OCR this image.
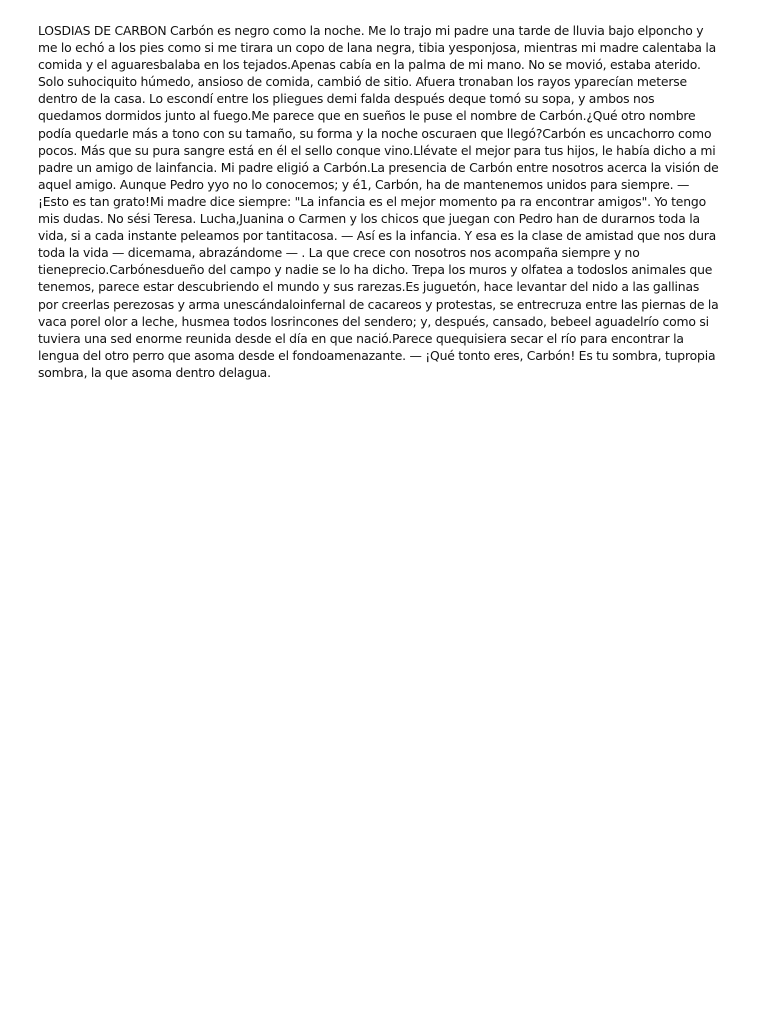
LOSDIAS DE CARBON Carbón es negro como la noche. Me lo trajo mi padre una tarde de lluvia bajo elponcho y me lo echó a los pies como si me tirara un copo de lana negra, tibia yesponjosa, mientras mi madre calentaba la comida y el aguaresbalaba en los tejados.Apenas cabía en la palma de mi mano. No se movió, estaba aterido. Solo suhociquito húmedo, ansioso de comida, cambió de sitio. Afuera tronaban los rayos yparecían meterse dentro de la casa. Lo escondí entre los pliegues demi falda después deque tomó su sopa, y ambos nos quedamos dormidos junto al fuego.Me parece que en sueños le puse el nombre de Carbón.¿Qué otro nombre podía quedarle más a tono con su tamaño, su forma y la noche oscuraen que llegó?Carbón es uncachorro como pocos. Más que su pura sangre está en él el sello conque vino.Llévate el mejor para tus hijos, le había dicho a mi padre un amigo de lainfancia. Mi padre eligió a Carbón.La presencia de Carbón entre nosotros acerca la visión de aquel amigo. Aunque Pedro yyo no lo conocemos; y é1, Carbón, ha de mantenemos unidos para siempre. — ¡Esto es tan grato!Mi madre dice siempre: "La infancia es el mejor momento pa ra encontrar amigos". Yo tengo mis dudas. No sési Teresa. Lucha,Juanina o Carmen y los chicos que juegan con Pedro han de durarnos toda la vida, si a cada instante peleamos por tantitacosa. — Así es la infancia. Y esa es la clase de amistad que nos dura toda la vida — dicemama, abrazándome — . La que crece con nosotros nos acompaña siempre y no tieneprecio.Carbónesdueño del campo y nadie se lo ha dicho. Trepa los muros y olfatea a todoslos animales que tenemos, parece estar descubriendo el mundo y sus rarezas.Es juguetón, hace levantar del nido a las gallinas por creerlas perezosas y arma unescándaloinfernal de cacareos y protestas, se entrecruza entre las piernas de la vaca porel olor a leche, husmea todos losrincones del sendero; y, después, cansado, bebeel aguadelrío como si tuviera una sed enorme reunida desde el día en que nació.Parece quequisiera secar el río para encontrar la lengua del otro perro que asoma desde el fondoamenazante. — ¡Qué tonto eres, Carbón! Es tu sombra, tupropia sombra, la que asoma dentro delagua.
